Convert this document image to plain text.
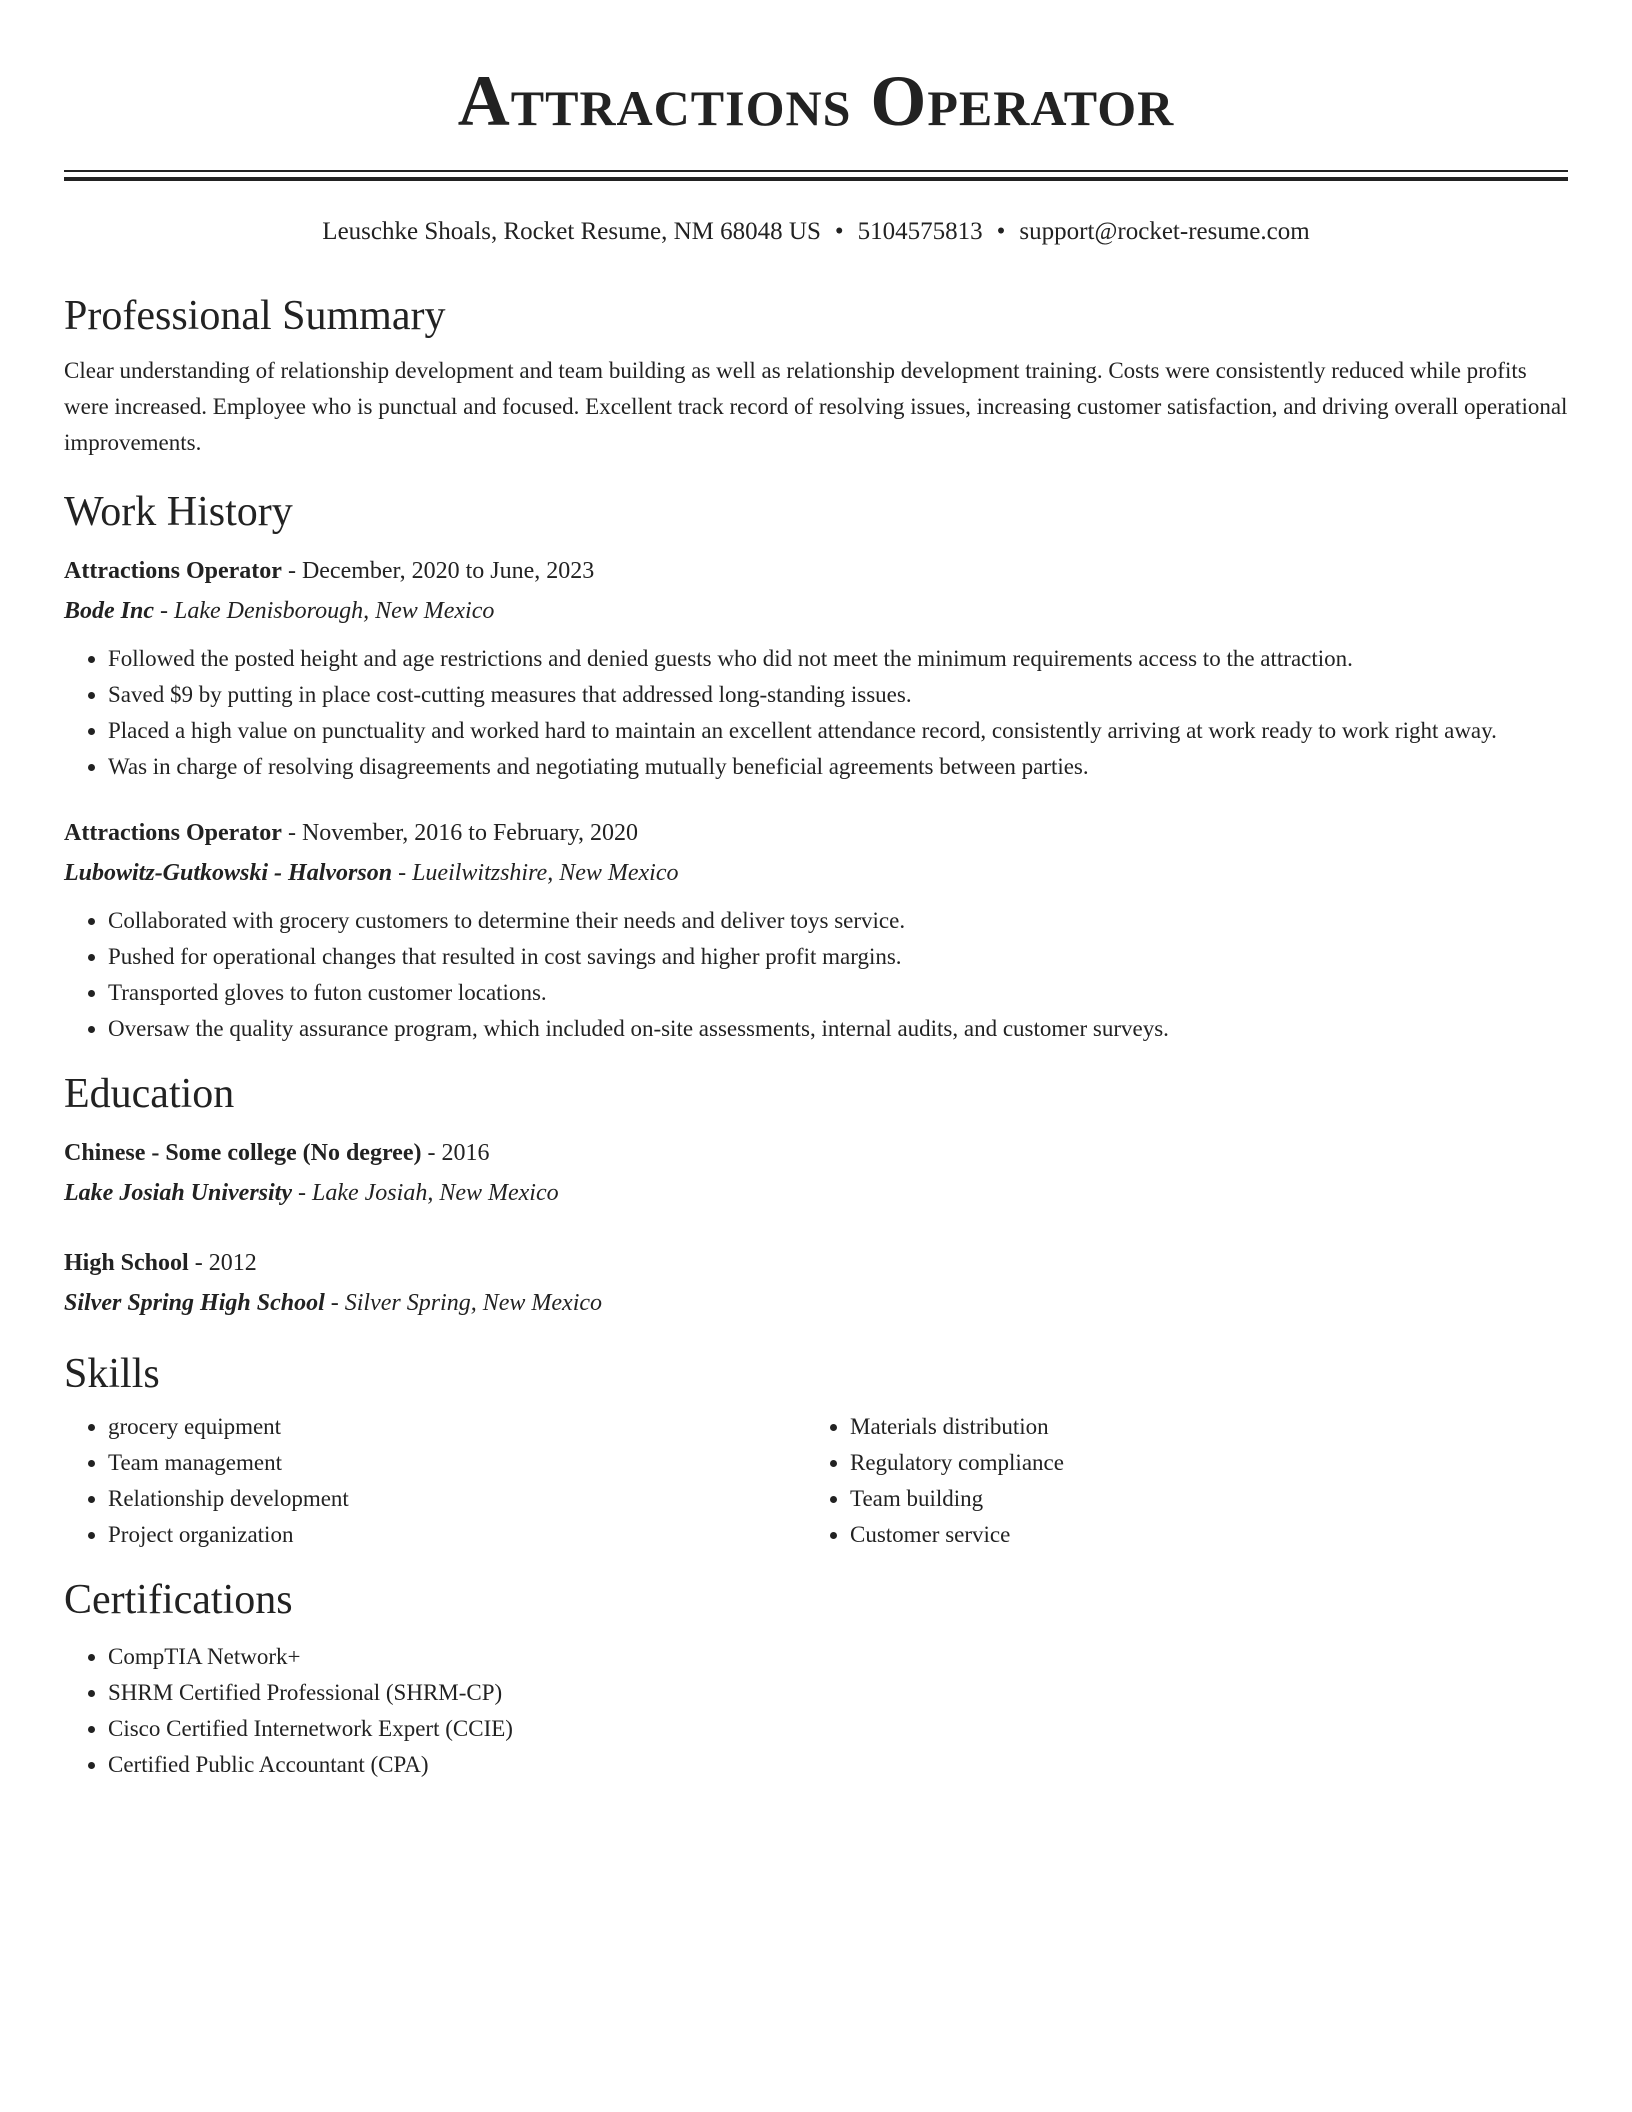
Attractions Operator
Leuschke Shoals, Rocket Resume, NM 68048 US • 5104575813 • support@rocket-resume.com
Professional Summary

Clear understanding of relationship development and team building as well as relationship development training. Costs were consistently reduced while profits were increased. Employee who is punctual and focused. Excellent track record of resolving issues, increasing customer satisfaction, and driving overall operational improvements.

Work History
Attractions Operator - December, 2020 to June, 2023
Bode Inc - Lake Denisborough, New Mexico
• Followed the posted height and age restrictions and denied guests who did not meet the minimum requirements access to the attraction.
• Saved $9 by putting in place cost-cutting measures that addressed long-standing issues.
• Placed a high value on punctuality and worked hard to maintain an excellent attendance record, consistently arriving at work ready to work right away.
• Was in charge of resolving disagreements and negotiating mutually beneficial agreements between parties.
Attractions Operator - November, 2016 to February, 2020
Lubowitz-Gutkowski - Halvorson - Lueilwitzshire, New Mexico
• Collaborated with grocery customers to determine their needs and deliver toys service.
• Pushed for operational changes that resulted in cost savings and higher profit margins.
• Transported gloves to futon customer locations.
• Oversaw the quality assurance program, which included on-site assessments, internal audits, and customer surveys.
Education
Chinese - Some college (No degree) - 2016
Lake Josiah University - Lake Josiah, New Mexico
High School - 2012
Silver Spring High School - Silver Spring, New Mexico
Skills
• grocery equipment
• Team management
• Relationship development
• Project organization
• Materials distribution
• Regulatory compliance
• Team building
• Customer service
Certifications
• CompTIA Network+
• SHRM Certified Professional (SHRM-CP)
• Cisco Certified Internetwork Expert (CCIE)
• Certified Public Accountant (CPA)
